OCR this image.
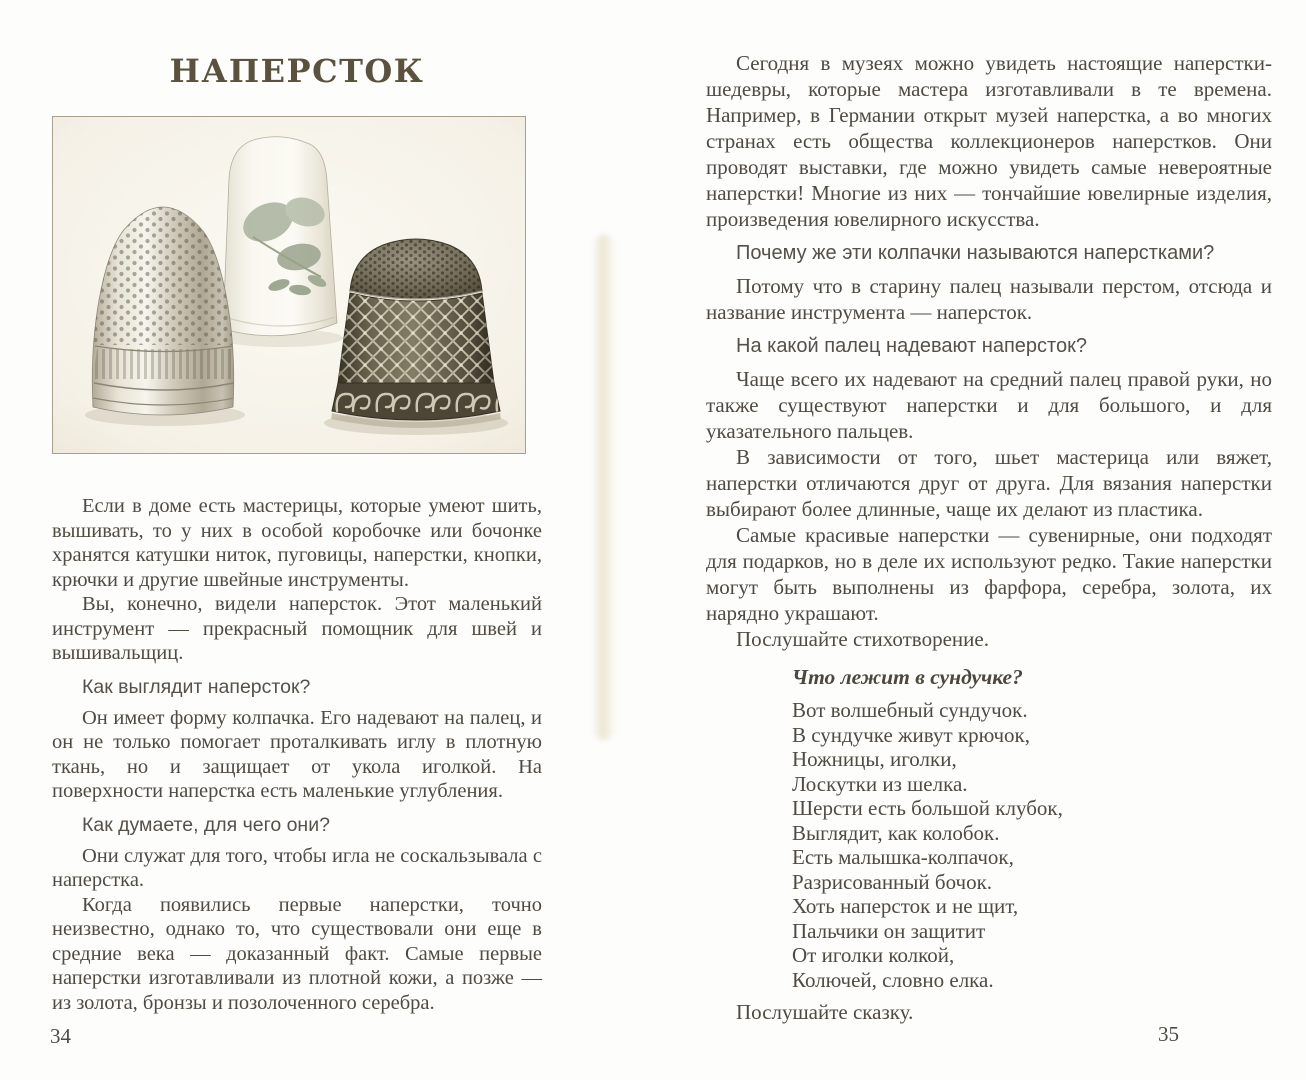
НАПЕРСТОК

Если в доме есть мастерицы, которые умеют шить, вышивать, то у них в особой коробочке или бочонке хранятся катушки ниток, пуговицы, наперстки, кнопки, крючки и другие швейные инструменты.

Вы, конечно, видели наперсток. Этот маленький инструмент — прекрасный помощник для швей и вышивальщиц.

Как выглядит наперсток?

Он имеет форму колпачка. Его надевают на палец, и он не только помогает проталкивать иглу в плотную ткань, но и защищает от укола иголкой. На поверхности наперстка есть маленькие углубления.

Как думаете, для чего они?

Они служат для того, чтобы игла не соскальзывала с наперстка.

Когда появились первые наперстки, точно неизвестно, однако то, что существовали они еще в средние века — доказанный факт. Самые первые наперстки изготавливали из плотной кожи, а позже — из золота, бронзы и позолоченного серебра.

Сегодня в музеях можно увидеть настоящие наперстки-шедевры, которые мастера изготавливали в те времена. Например, в Германии открыт музей наперстка, а во многих странах есть общества коллекционеров наперстков. Они проводят выставки, где можно увидеть самые невероятные наперстки! Многие из них — тончайшие ювелирные изделия, произведения ювелирного искусства.

Почему же эти колпачки называются наперстками?

Потому что в старину палец называли перстом, отсюда и название инструмента — наперсток.

На какой палец надевают наперсток?

Чаще всего их надевают на средний палец правой руки, но также существуют наперстки и для большого, и для указательного пальцев.

В зависимости от того, шьет мастерица или вяжет, наперстки отличаются друг от друга. Для вязания наперстки выбирают более длинные, чаще их делают из пластика.

Самые красивые наперстки — сувенирные, они подходят для подарков, но в деле их используют редко. Такие наперстки могут быть выполнены из фарфора, серебра, золота, их нарядно украшают.

Послушайте стихотворение.

Что лежит в сундучке?
Вот волшебный сундучок.
В сундучке живут крючок,
Ножницы, иголки,
Лоскутки из шелка.
Шерсти есть большой клубок,
Выглядит, как колобок.
Есть малышка-колпачок,
Разрисованный бочок.
Хоть наперсток и не щит,
Пальчики он защитит
От иголки колкой,
Колючей, словно елка.

Послушайте сказку.

34	35
